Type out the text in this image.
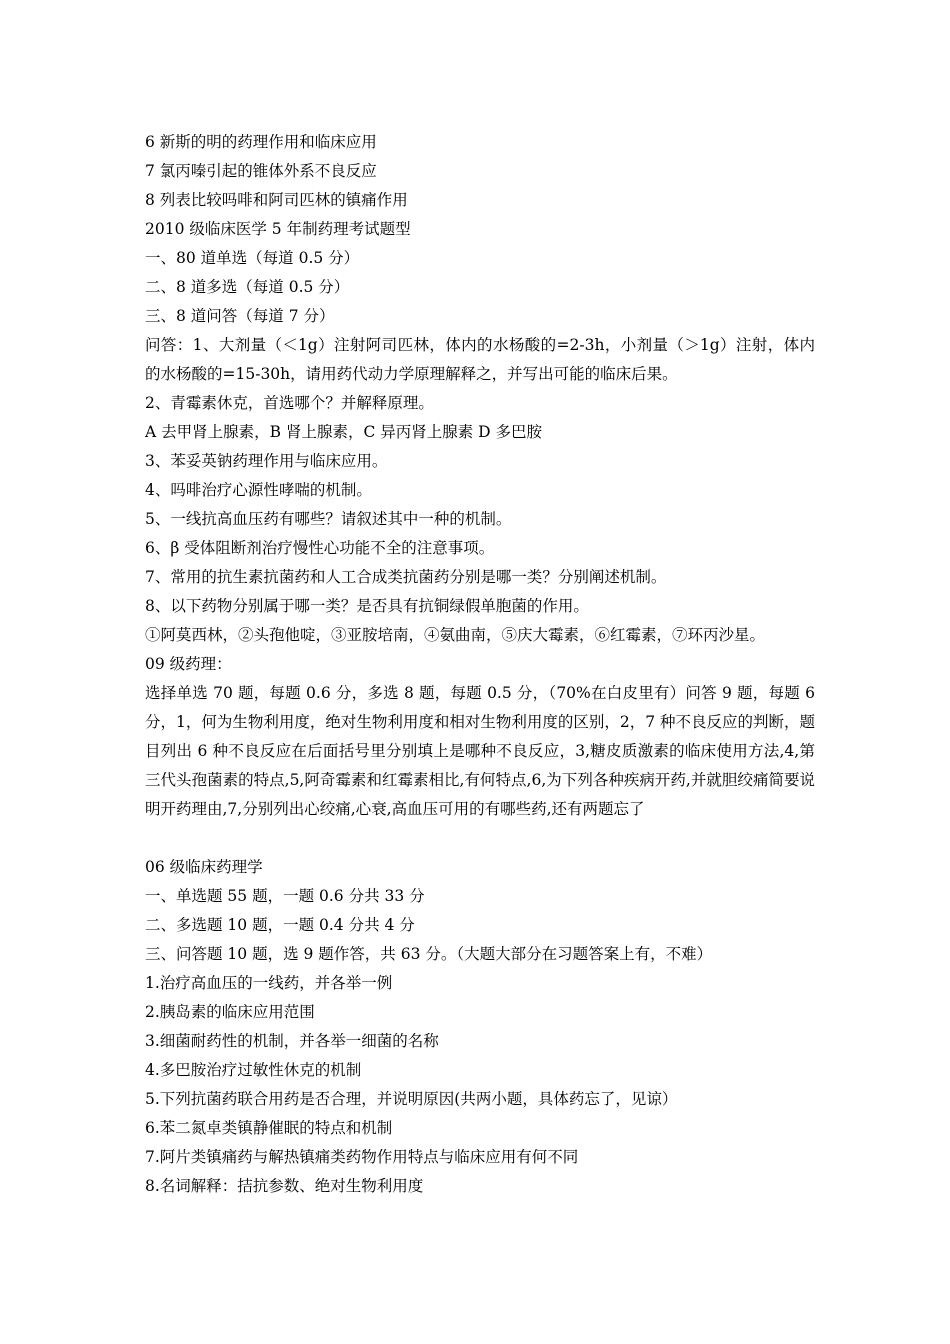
6 新斯的明的药理作用和临床应用
7 氯丙嗪引起的锥体外系不良反应
8 列表比较吗啡和阿司匹林的镇痛作用
2010 级临床医学 5 年制药理考试题型
一、80 道单选（每道 0.5 分）
二、8 道多选（每道 0.5 分）
三、8 道问答（每道 7 分）
问答：1、大剂量（＜1g）注射阿司匹林，体内的水杨酸的=2-3h，小剂量（＞1g）注射，体内的水杨酸的=15-30h，请用药代动力学原理解释之，并写出可能的临床后果。
2、青霉素休克，首选哪个？并解释原理。
A 去甲肾上腺素，B 肾上腺素，C 异丙肾上腺素 D 多巴胺
3、苯妥英钠药理作用与临床应用。
4、吗啡治疗心源性哮喘的机制。
5、一线抗高血压药有哪些？请叙述其中一种的机制。
6、β 受体阻断剂治疗慢性心功能不全的注意事项。
7、常用的抗生素抗菌药和人工合成类抗菌药分别是哪一类？分别阐述机制。
8、以下药物分别属于哪一类？是否具有抗铜绿假单胞菌的作用。
①阿莫西林，②头孢他啶，③亚胺培南，④氨曲南，⑤庆大霉素，⑥红霉素，⑦环丙沙星。
09 级药理：
选择单选 70 题，每题 0.6 分，多选 8 题，每题 0.5 分，（70%在白皮里有）问答 9 题，每题 6 分，1，何为生物利用度，绝对生物利用度和相对生物利用度的区别，2，7 种不良反应的判断，题目列出 6 种不良反应在后面括号里分别填上是哪种不良反应，3,糖皮质激素的临床使用方法,4,第三代头孢菌素的特点,5,阿奇霉素和红霉素相比,有何特点,6,为下列各种疾病开药,并就胆绞痛简要说明开药理由,7,分别列出心绞痛,心衰,高血压可用的有哪些药,还有两题忘了
06 级临床药理学
一、单选题 55 题，一题 0.6 分共 33 分
二、多选题 10 题，一题 0.4 分共 4 分
三、问答题 10 题，选 9 题作答，共 63 分。（大题大部分在习题答案上有，不难）
1.治疗高血压的一线药，并各举一例
2.胰岛素的临床应用范围
3.细菌耐药性的机制，并各举一细菌的名称
4.多巴胺治疗过敏性休克的机制
5.下列抗菌药联合用药是否合理，并说明原因(共两小题，具体药忘了，见谅）
6.苯二氮卓类镇静催眠的特点和机制
7.阿片类镇痛药与解热镇痛类药物作用特点与临床应用有何不同
8.名词解释：拮抗参数、绝对生物利用度
